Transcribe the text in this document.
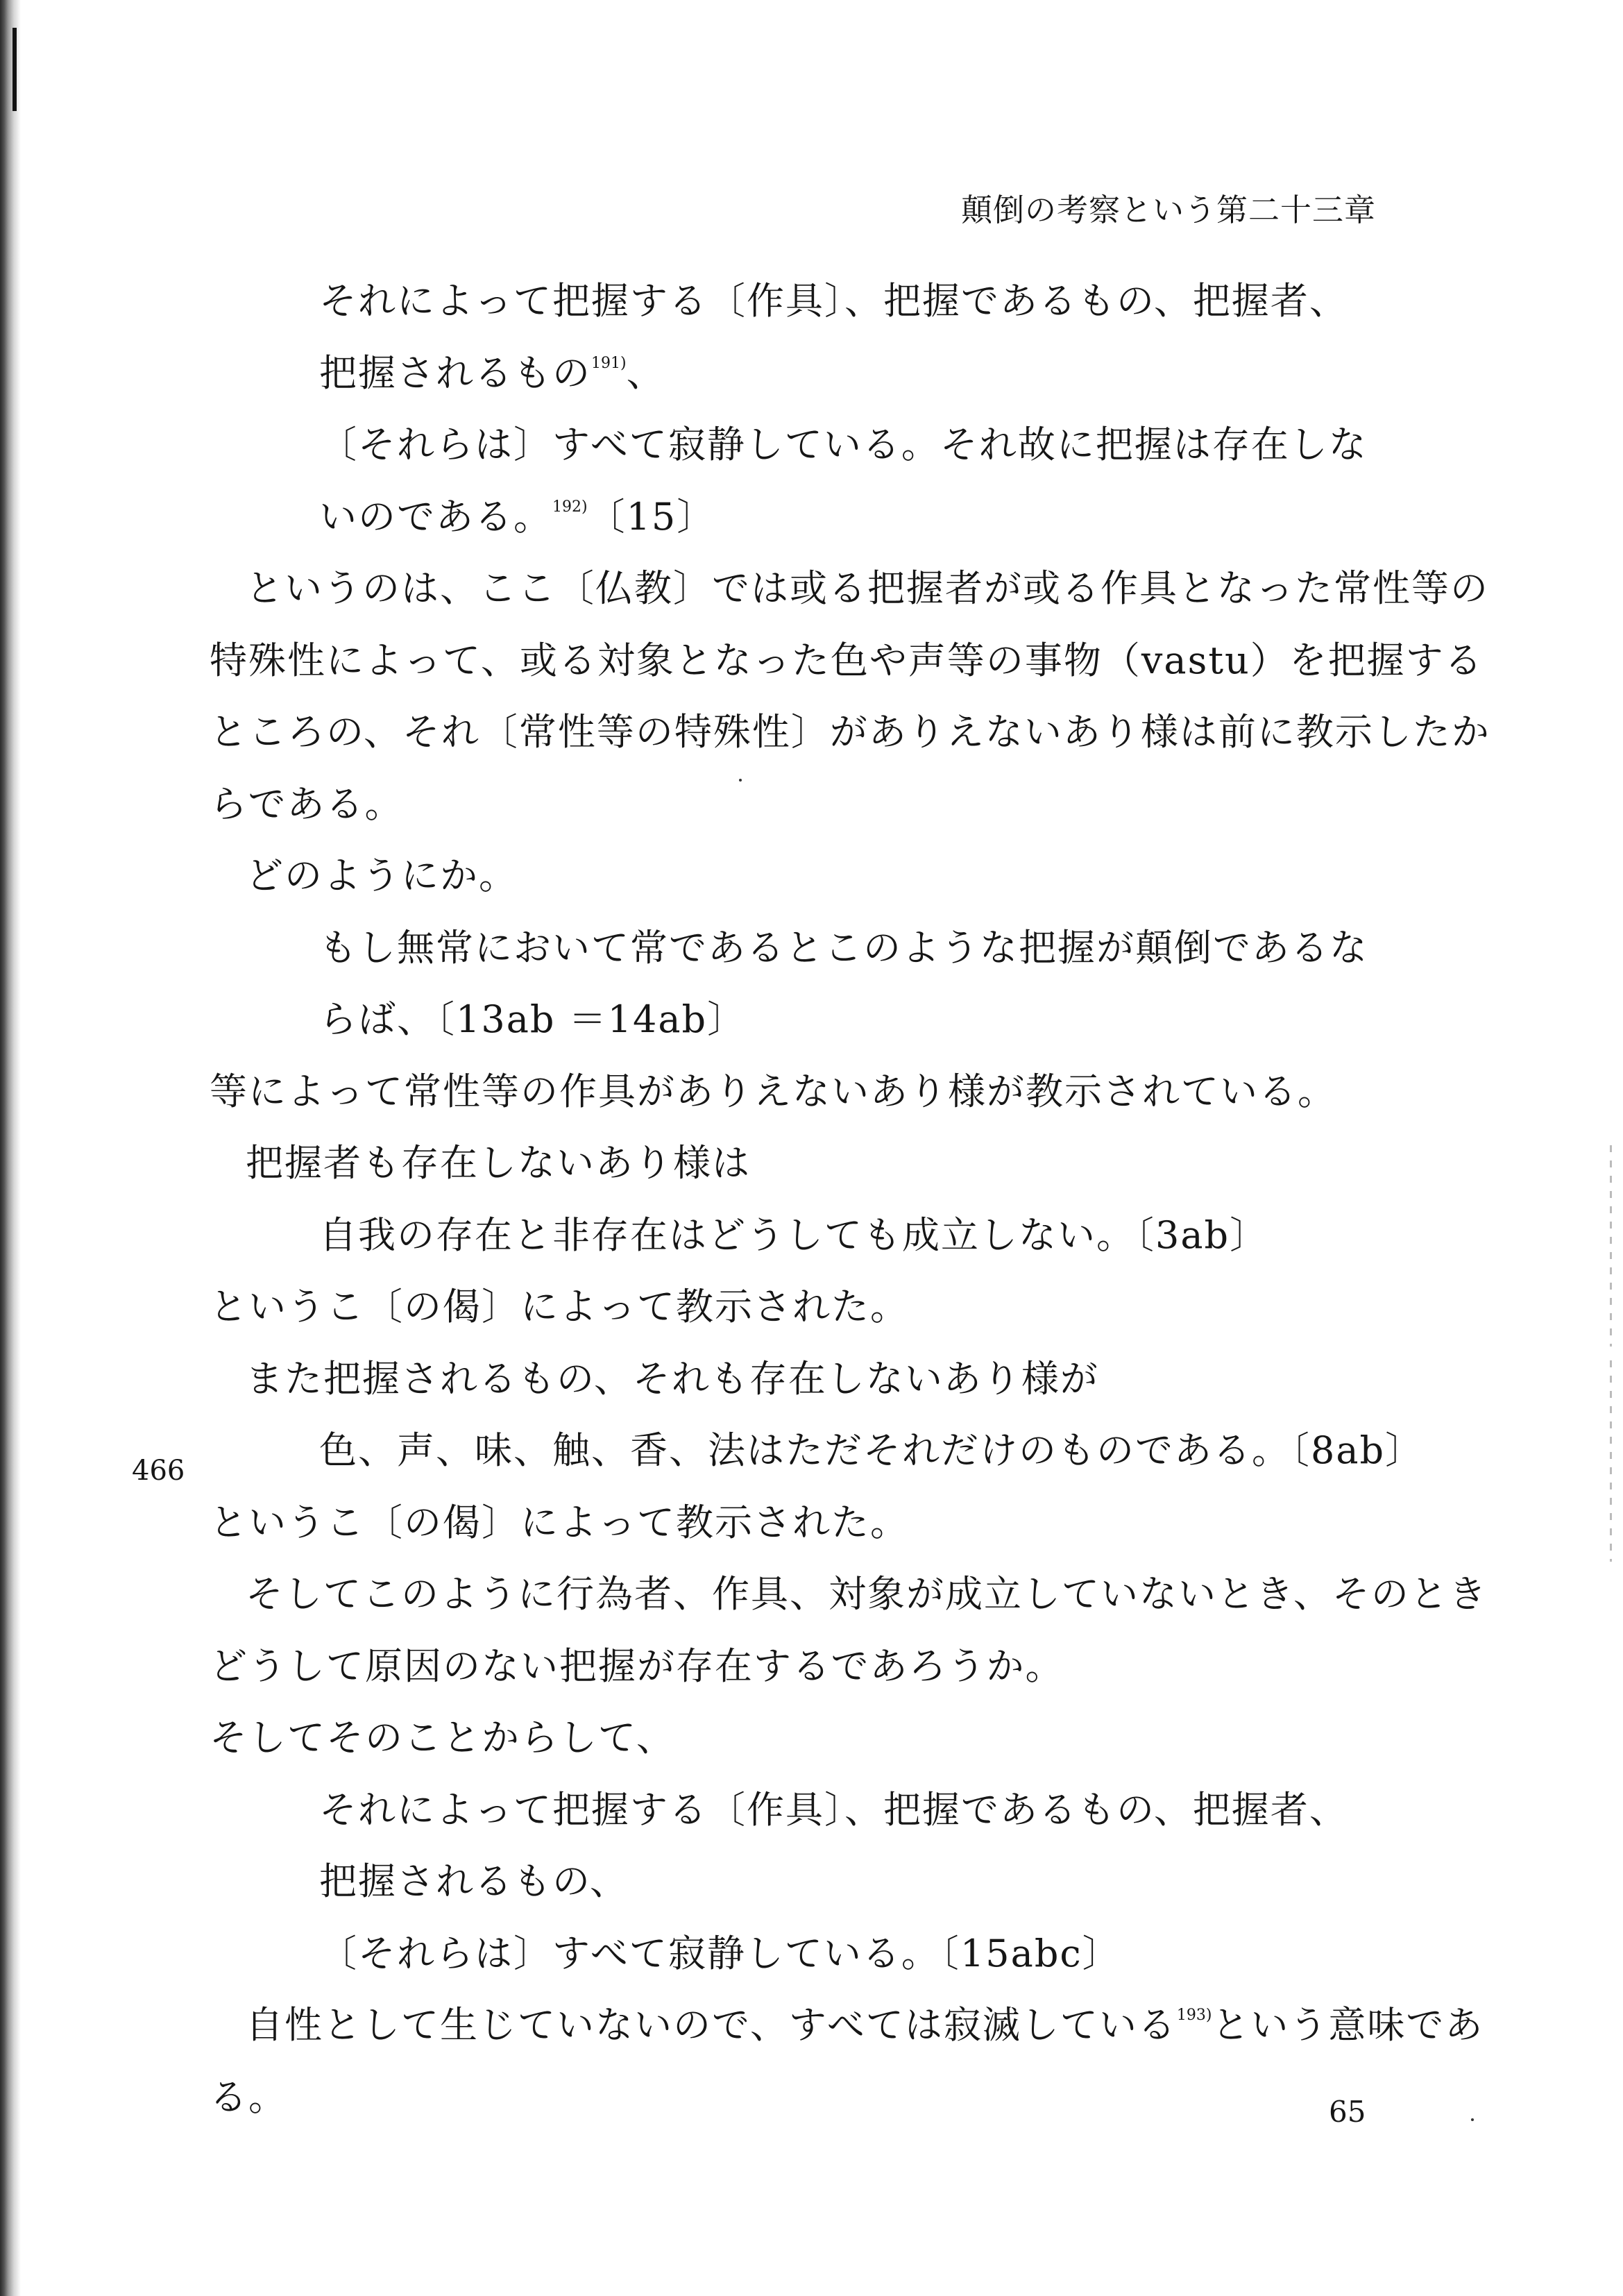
顛倒の考察という第二十三章
それによって把握する〔作具〕、把握であるもの、把握者、
把握されるもの$^{191)}$、
〔それらは〕すべて寂静している。それ故に把握は存在しな
いのである。$^{192)}$〔15〕
というのは、ここ〔仏教〕では或る把握者が或る作具となった常性等の
特殊性によって、或る対象となった色や声等の事物（vastu）を把握する
ところの、それ〔常性等の特殊性〕がありえないあり様は前に教示したか
らである。
どのようにか。
もし無常において常であるとこのような把握が顛倒であるな
らば、〔13ab ＝14ab〕
等によって常性等の作具がありえないあり様が教示されている。
把握者も存在しないあり様は
自我の存在と非存在はどうしても成立しない。〔3ab〕
というこ〔の偈〕によって教示された。
また把握されるもの、それも存在しないあり様が
色、声、味、触、香、法はただそれだけのものである。〔8ab〕
というこ〔の偈〕によって教示された。
そしてこのように行為者、作具、対象が成立していないとき、そのとき
どうして原因のない把握が存在するであろうか。
そしてそのことからして、
それによって把握する〔作具〕、把握であるもの、把握者、
把握されるもの、
〔それらは〕すべて寂静している。〔15abc〕
自性として生じていないので、すべては寂滅している$^{193)}$という意味であ
る。
466
65
